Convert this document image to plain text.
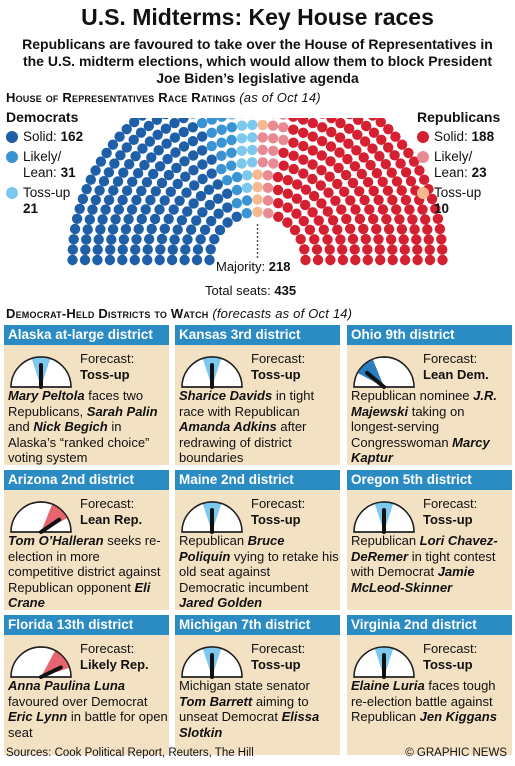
U.S. Midterms: Key House races
Republicans are favoured to take over the House of Representatives in the U.S. midterm elections, which would allow them to block President Joe Biden’s legislative agenda
House of Representatives Race Ratings (as of Oct 14)
Democrats
Solid: 162
Likely/
Lean: 31
Toss-up
21
Republicans
Solid: 188
Likely/
Lean: 23
Toss-up
10
Majority: 218
Total seats: 435
Democrat-Held Districts to Watch (forecasts as of Oct 14)
Alaska at-large district
Forecast:
Toss-up
Mary Peltola faces two Republicans, Sarah Palin and Nick Begich in Alaska’s “ranked choice” voting system
Kansas 3rd district
Forecast:
Toss-up
Sharice Davids in tight race with Republican Amanda Adkins after redrawing of district boundaries
Ohio 9th district
Forecast:
Lean Dem.
Republican nominee J.R. Majewski taking on longest-serving Congresswoman Marcy Kaptur
Arizona 2nd district
Forecast:
Lean Rep.
Tom O’Halleran seeks re-election in more competitive district against Republican opponent Eli Crane
Maine 2nd district
Forecast:
Toss-up
Republican Bruce Poliquin vying to retake his old seat against Democratic incumbent Jared Golden
Oregon 5th district
Forecast:
Toss-up
Republican Lori Chavez-DeRemer in tight contest with Democrat Jamie McLeod-Skinner
Florida 13th district
Forecast:
Likely Rep.
Anna Paulina Luna favoured over Democrat Eric Lynn in battle for open seat
Michigan 7th district
Forecast:
Toss-up
Michigan state senator Tom Barrett aiming to unseat Democrat Elissa Slotkin
Virginia 2nd district
Forecast:
Toss-up
Elaine Luria faces tough re-election battle against Republican Jen Kiggans
Sources: Cook Political Report, Reuters, The Hill	© GRAPHIC NEWS
